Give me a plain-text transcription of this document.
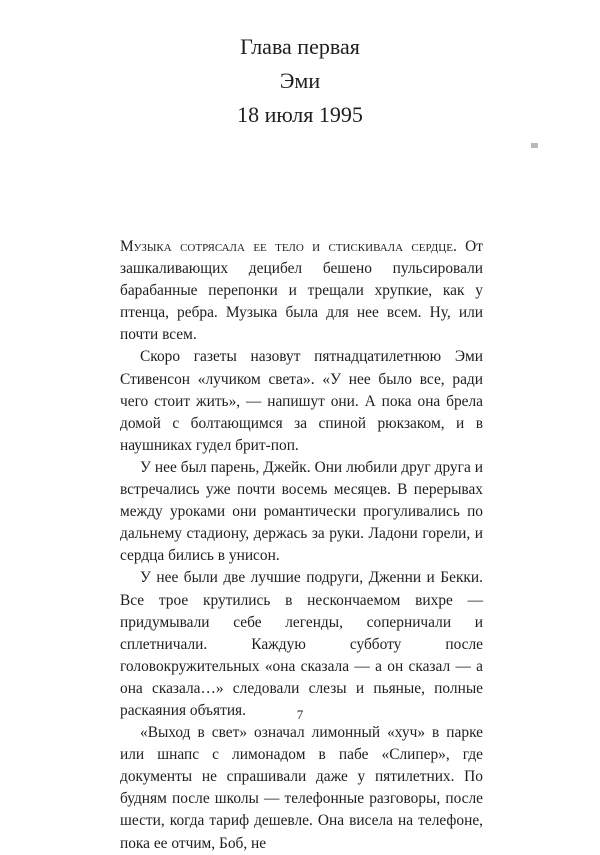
Глава первая

Эми

18 июля 1995

Музыка сотрясала ее тело и стискивала сердце. От зашкаливающих децибел бешено пульсировали барабанные перепонки и трещали хрупкие, как у птенца, ребра. Музыка была для нее всем. Ну, или почти всем.

Скоро газеты назовут пятнадцатилетнюю Эми Стивенсон «лучиком света». «У нее было все, ради чего стоит жить», — напишут они. А пока она брела домой с болтающимся за спиной рюкзаком, и в наушниках гудел брит-поп.

У нее был парень, Джейк. Они любили друг друга и встречались уже почти восемь месяцев. В перерывах между уроками они романтически прогуливались по дальнему стадиону, держась за руки. Ладони горели, и сердца бились в унисон.

У нее были две лучшие подруги, Дженни и Бекки. Все трое крутились в нескончаемом вихре — придумывали себе легенды, соперничали и сплетничали. Каждую субботу после головокружительных «она сказала — а он сказал — а она сказала…» следовали слезы и пьяные, полные раскаяния объятия.

«Выход в свет» означал лимонный «хуч» в парке или шнапс с лимонадом в пабе «Слипер», где документы не спрашивали даже у пятилетних. По будням после школы — телефонные разговоры, после шести, когда тариф дешевле. Она висела на телефоне, пока ее отчим, Боб, не

7
